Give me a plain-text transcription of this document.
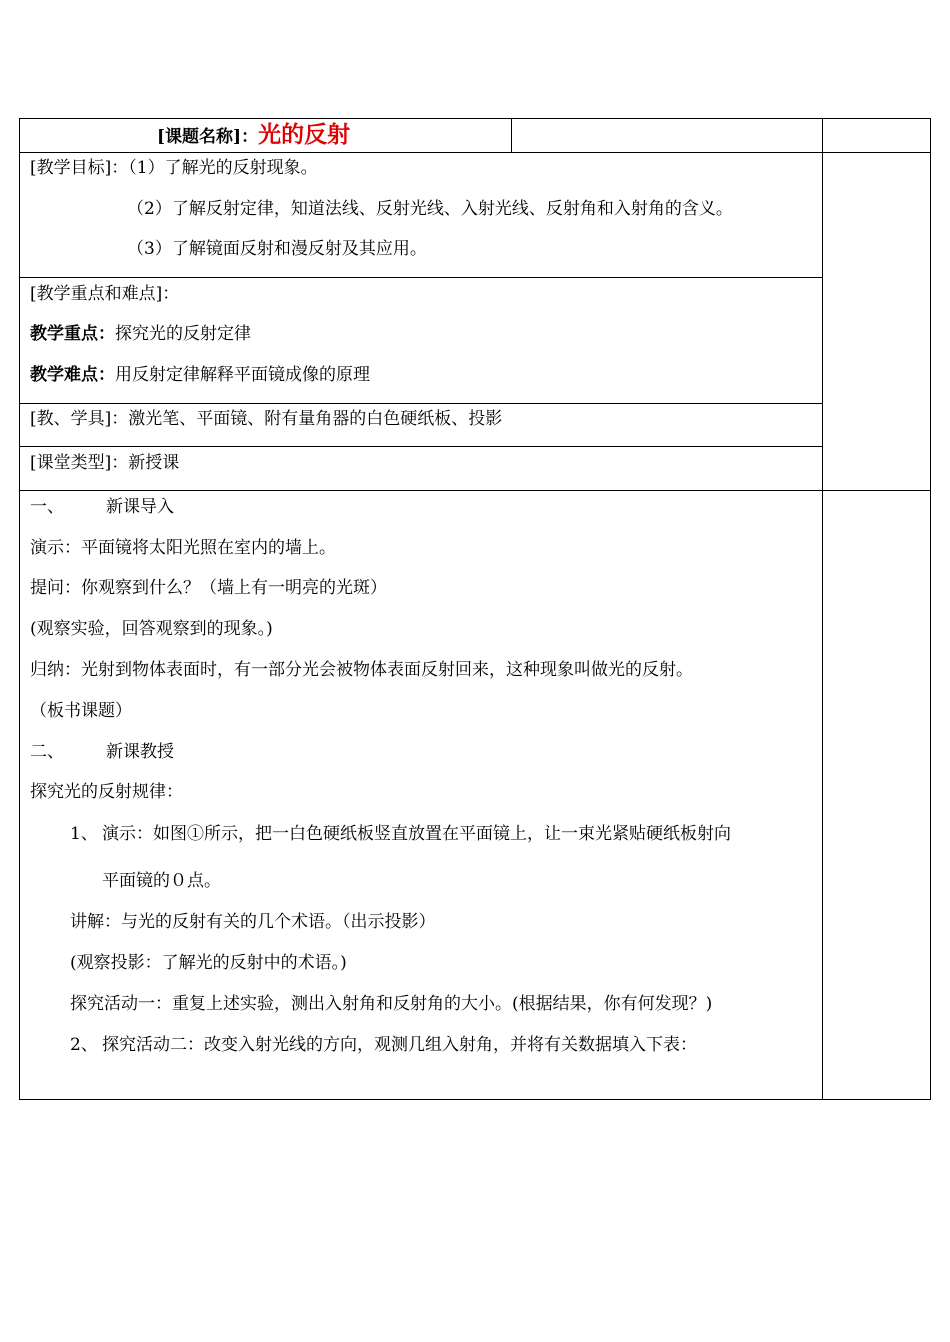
[课题名称]：光的反射
[教学目标]：（1）了解光的反射现象。
（2）了解反射定律，知道法线、反射光线、入射光线、反射角和入射角的含义。
（3）了解镜面反射和漫反射及其应用。
[教学重点和难点]：
教学重点：探究光的反射定律
教学难点：用反射定律解释平面镜成像的原理
[教、学具]：激光笔、平面镜、附有量角器的白色硬纸板、投影
[课堂类型]：新授课
一、 新课导入
演示：平面镜将太阳光照在室内的墙上。
提问：你观察到什么？（墙上有一明亮的光斑）
(观察实验，回答观察到的现象。)
归纳：光射到物体表面时，有一部分光会被物体表面反射回来，这种现象叫做光的反射。
（板书课题）
二、 新课教授
探究光的反射规律：
1、 演示：如图①所示，把一白色硬纸板竖直放置在平面镜上，让一束光紧贴硬纸板射向
平面镜的０点。
讲解：与光的反射有关的几个术语。（出示投影）
(观察投影：了解光的反射中的术语。)
探究活动一：重复上述实验，测出入射角和反射角的大小。(根据结果，你有何发现？)
2、 探究活动二：改变入射光线的方向，观测几组入射角，并将有关数据填入下表：
